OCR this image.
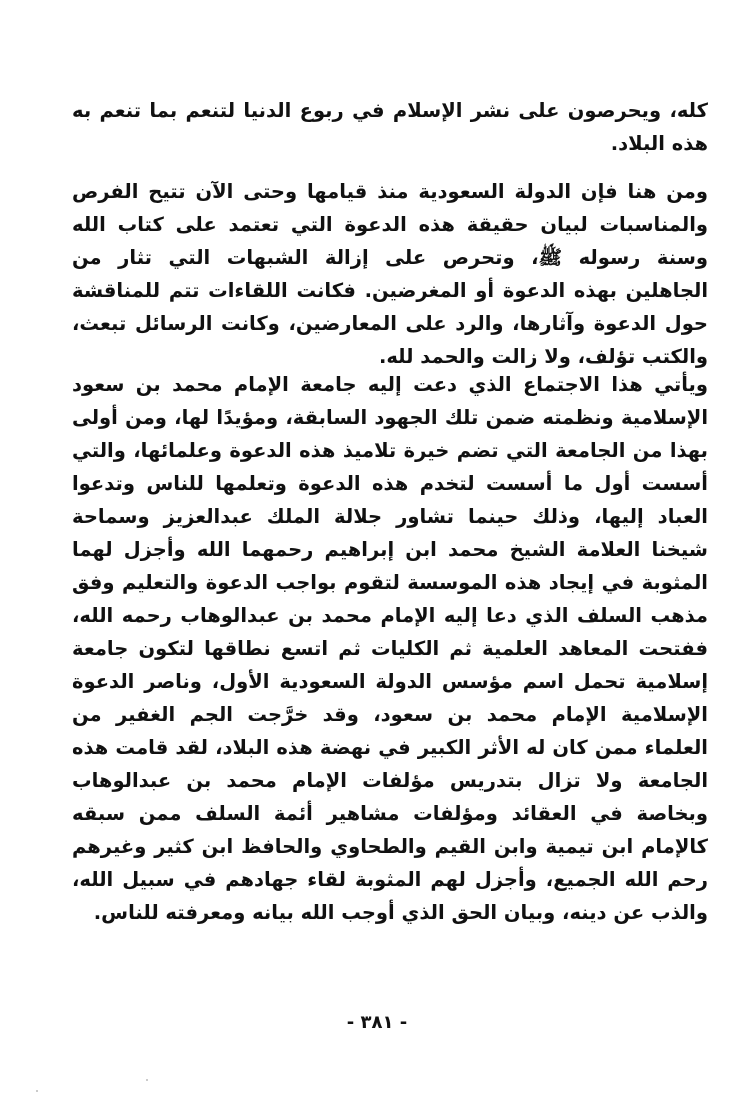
كله، ويحرصون على نشر الإسلام في ربوع الدنيا لتنعم بما تنعم به هذه البلاد.

ومن هنا فإن الدولة السعودية منذ قيامها وحتى الآن تتيح الفرص والمناسبات لبيان حقيقة هذه الدعوة التي تعتمد على كتاب الله وسنة رسوله ﷺ، وتحرص على إزالة الشبهات التي تثار من الجاهلين بهذه الدعوة أو المغرضين. فكانت اللقاءات تتم للمناقشة حول الدعوة وآثارها، والرد على المعارضين، وكانت الرسائل تبعث، والكتب تؤلف، ولا زالت والحمد لله.

ويأتي هذا الاجتماع الذي دعت إليه جامعة الإمام محمد بن سعود الإسلامية ونظمته ضمن تلك الجهود السابقة، ومؤيدًا لها، ومن أولى بهذا من الجامعة التي تضم خيرة تلاميذ هذه الدعوة وعلمائها، والتي أسست أول ما أسست لتخدم هذه الدعوة وتعلمها للناس وتدعوا العباد إليها، وذلك حينما تشاور جلالة الملك عبدالعزيز وسماحة شيخنا العلامة الشيخ محمد ابن إبراهيم رحمهما الله وأجزل لهما المثوبة في إيجاد هذه الموسسة لتقوم بواجب الدعوة والتعليم وفق مذهب السلف الذي دعا إليه الإمام محمد بن عبدالوهاب رحمه الله، ففتحت المعاهد العلمية ثم الكليات ثم اتسع نطاقها لتكون جامعة إسلامية تحمل اسم مؤسس الدولة السعودية الأول، وناصر الدعوة الإسلامية الإمام محمد بن سعود، وقد خرَّجت الجم الغفير من العلماء ممن كان له الأثر الكبير في نهضة هذه البلاد، لقد قامت هذه الجامعة ولا تزال بتدريس مؤلفات الإمام محمد بن عبدالوهاب وبخاصة في العقائد ومؤلفات مشاهير أئمة السلف ممن سبقه كالإمام ابن تيمية وابن القيم والطحاوي والحافظ ابن كثير وغيرهم رحم الله الجميع، وأجزل لهم المثوبة لقاء جهادهم في سبيل الله، والذب عن دينه، وبيان الحق الذي أوجب الله بيانه ومعرفته للناس.

- ٣٨١ -
